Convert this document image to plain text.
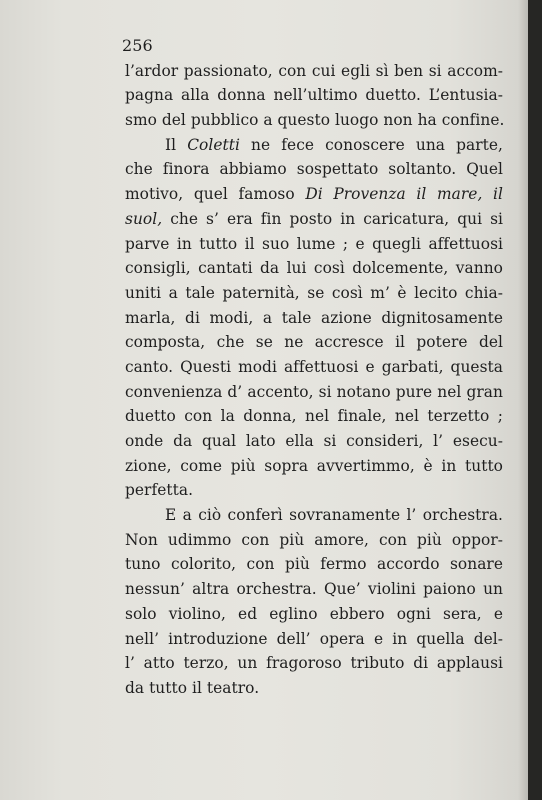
256
l’ardor passionato, con cui egli sì ben si accom-
pagna alla donna nell’ultimo duetto. L’entusia-
smo del pubblico a questo luogo non ha confine.
Il Coletti ne fece conoscere una parte,
che finora abbiamo sospettato soltanto. Quel
motivo, quel famoso Di Provenza il mare, il
suol, che s’ era fin posto in caricatura, qui si
parve in tutto il suo lume ; e quegli affettuosi
consigli, cantati da lui così dolcemente, vanno
uniti a tale paternità, se così m’ è lecito chia-
marla, di modi, a tale azione dignitosamente
composta, che se ne accresce il potere del
canto. Questi modi affettuosi e garbati, questa
convenienza d’ accento, si notano pure nel gran
duetto con la donna, nel finale, nel terzetto ;
onde da qual lato ella si consideri, l’ esecu-
zione, come più sopra avvertimmo, è in tutto
perfetta.
E a ciò conferì sovranamente l’ orchestra.
Non udimmo con più amore, con più oppor-
tuno colorito, con più fermo accordo sonare
nessun’ altra orchestra. Que’ violini paiono un
solo violino, ed eglino ebbero ogni sera, e
nell’ introduzione dell’ opera e in quella del-
l’ atto terzo, un fragoroso tributo di applausi
da tutto il teatro.
